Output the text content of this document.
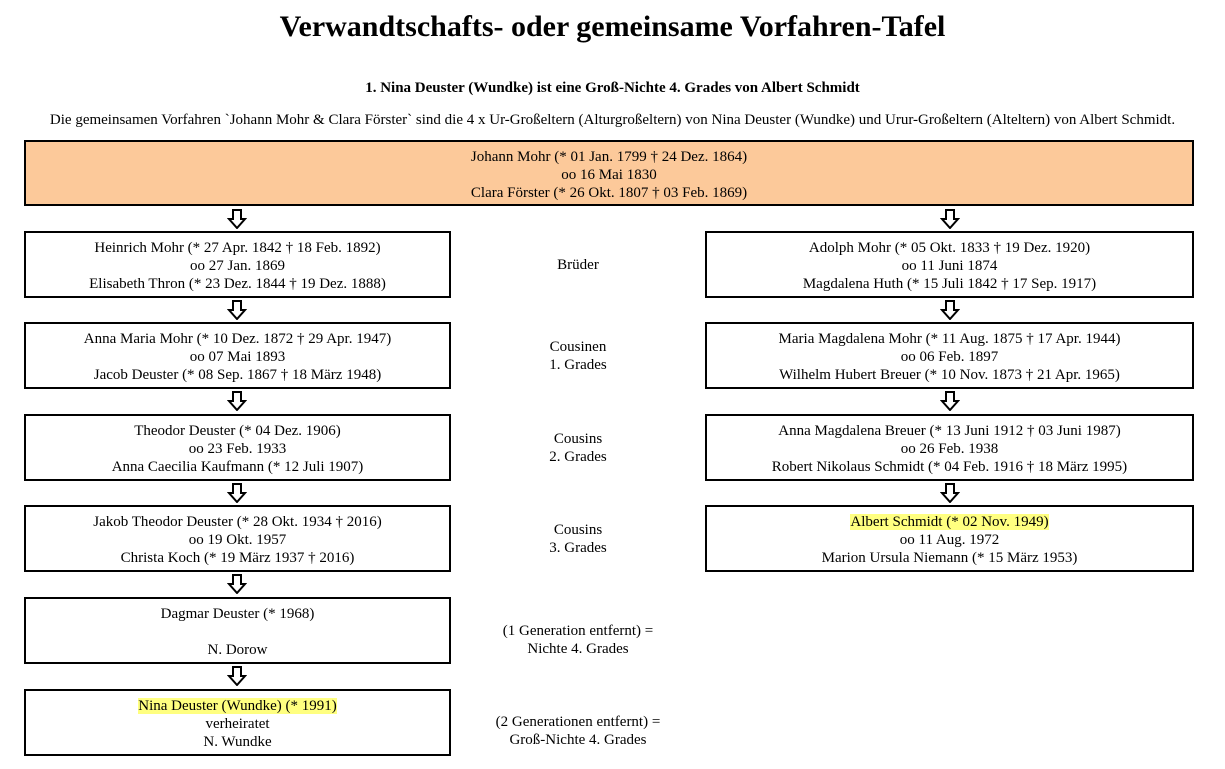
Verwandtschafts- oder gemeinsame Vorfahren-Tafel
1. Nina Deuster (Wundke) ist eine Groß-Nichte 4. Grades von Albert Schmidt
Die gemeinsamen Vorfahren `Johann Mohr & Clara Förster` sind die 4 x Ur-Großeltern (Alturgroßeltern) von Nina Deuster (Wundke) und Urur-Großeltern (Alteltern) von Albert Schmidt.
Johann Mohr (* 01 Jan. 1799 † 24 Dez. 1864)
oo 16 Mai 1830
Clara Förster (* 26 Okt. 1807 † 03 Feb. 1869)
Heinrich Mohr (* 27 Apr. 1842 † 18 Feb. 1892)
oo 27 Jan. 1869
Elisabeth Thron (* 23 Dez. 1844 † 19 Dez. 1888)
Anna Maria Mohr (* 10 Dez. 1872 † 29 Apr. 1947)
oo 07 Mai 1893
Jacob Deuster (* 08 Sep. 1867 † 18 März 1948)
Theodor Deuster (* 04 Dez. 1906)
oo 23 Feb. 1933
Anna Caecilia Kaufmann (* 12 Juli 1907)
Jakob Theodor Deuster (* 28 Okt. 1934 † 2016)
oo 19 Okt. 1957
Christa Koch (* 19 März 1937 † 2016)
Dagmar Deuster (* 1968)
N. Dorow
Nina Deuster (Wundke) (* 1991)
verheiratet
N. Wundke
Adolph Mohr (* 05 Okt. 1833 † 19 Dez. 1920)
oo 11 Juni 1874
Magdalena Huth (* 15 Juli 1842 † 17 Sep. 1917)
Maria Magdalena Mohr (* 11 Aug. 1875 † 17 Apr. 1944)
oo 06 Feb. 1897
Wilhelm Hubert Breuer (* 10 Nov. 1873 † 21 Apr. 1965)
Anna Magdalena Breuer (* 13 Juni 1912 † 03 Juni 1987)
oo 26 Feb. 1938
Robert Nikolaus Schmidt (* 04 Feb. 1916 † 18 März 1995)
Albert Schmidt (* 02 Nov. 1949)
oo 11 Aug. 1972
Marion Ursula Niemann (* 15 März 1953)
Brüder
Cousinen
1. Grades
Cousins
2. Grades
Cousins
3. Grades
(1 Generation entfernt) =
Nichte 4. Grades
(2 Generationen entfernt) =
Groß-Nichte 4. Grades
